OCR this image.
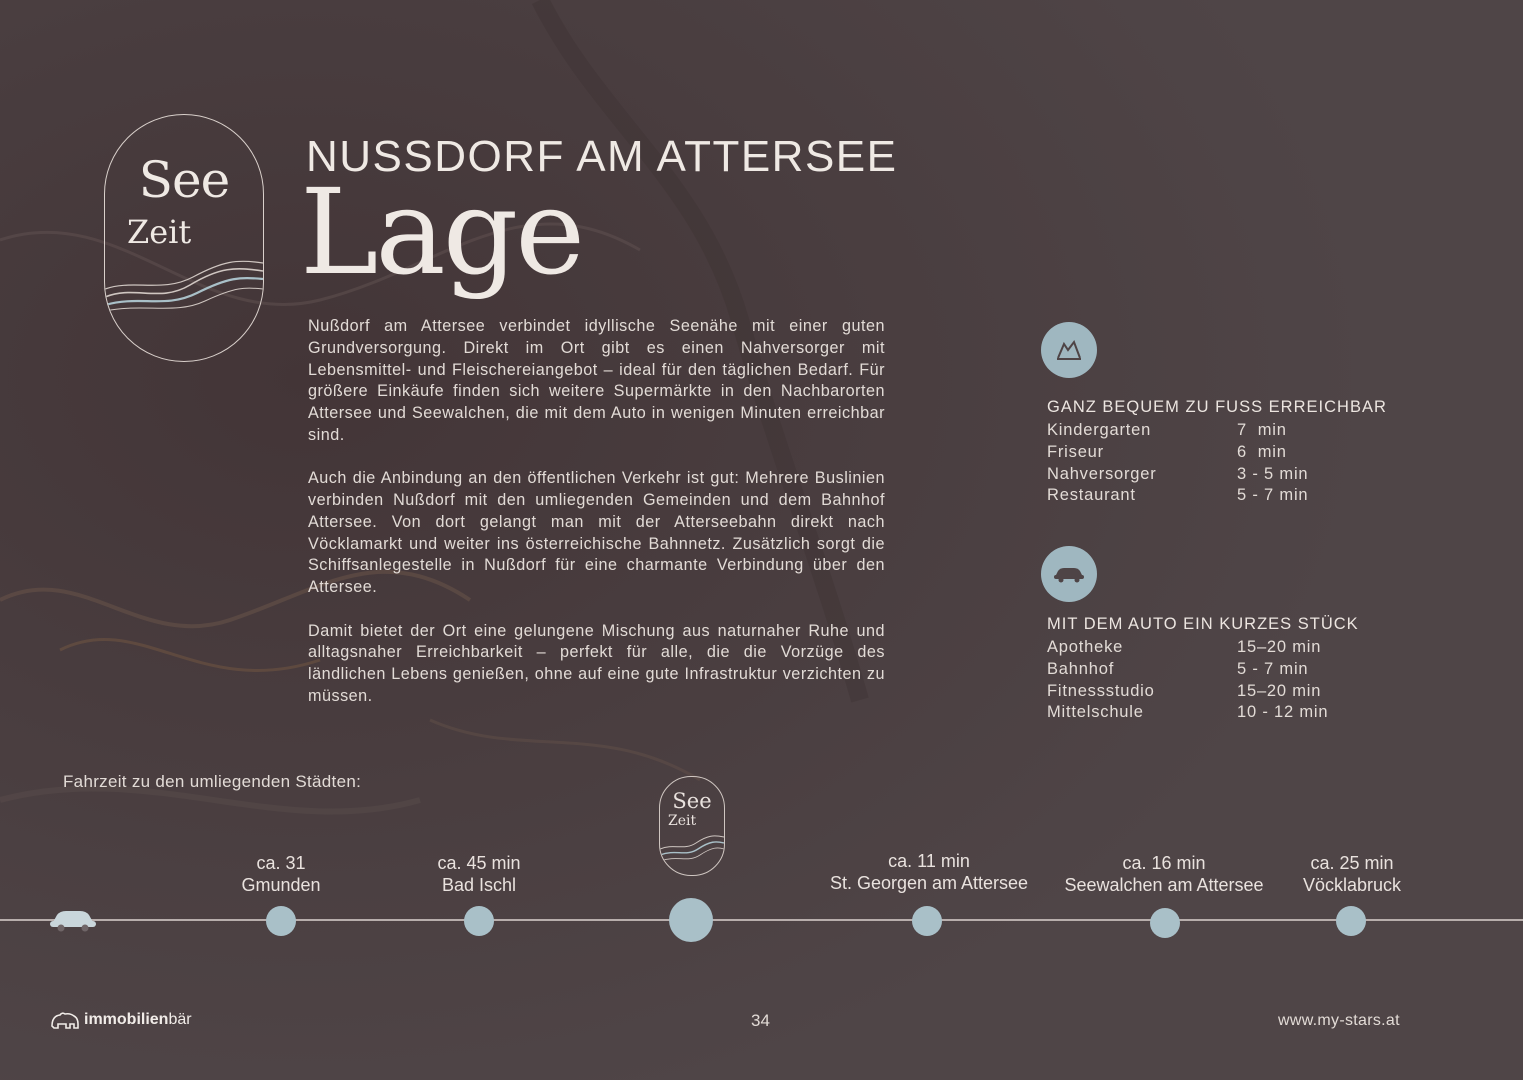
See
Zeit
NUSSDORF AM ATTERSEE
Lage

Nußdorf am Attersee verbindet idyllische Seenähe mit einer guten Grundversorgung. Direkt im Ort gibt es einen Nahversorger mit Lebensmittel- und Fleischereiangebot – ideal für den täglichen Bedarf. Für größere Einkäufe finden sich weitere Supermärkte in den Nachbarorten Attersee und Seewalchen, die mit dem Auto in wenigen Minuten erreichbar sind.

Auch die Anbindung an den öffentlichen Verkehr ist gut: Mehrere Buslinien verbinden Nußdorf mit den umliegenden Gemeinden und dem Bahnhof Attersee. Von dort gelangt man mit der Atterseebahn direkt nach Vöcklamarkt und weiter ins österreichische Bahnnetz. Zusätzlich sorgt die Schiffsanlegestelle in Nußdorf für eine charmante Verbindung über den Attersee.

Damit bietet der Ort eine gelungene Mischung aus naturnaher Ruhe und alltagsnaher Erreichbarkeit – perfekt für alle, die die Vorzüge des ländlichen Lebens genießen, ohne auf eine gute Infrastruktur verzichten zu müssen.

GANZ BEQUEM ZU FUSS ERREICHBAR
Kindergarten	7  min
Friseur	6  min
Nahversorger	3 - 5 min
Restaurant	5 - 7 min
MIT DEM AUTO EIN KURZES STÜCK
Apotheke	15–20 min
Bahnhof	5 - 7 min
Fitnessstudio	15–20 min
Mittelschule	10 - 12 min
Fahrzeit zu den umliegenden Städten:
See
Zeit
ca. 31
Gmunden
ca. 45 min
Bad Ischl
ca. 11 min
St. Georgen am Attersee
ca. 16 min
Seewalchen am Attersee
ca. 25 min
Vöcklabruck
immobilienbär	34	www.my-stars.at
